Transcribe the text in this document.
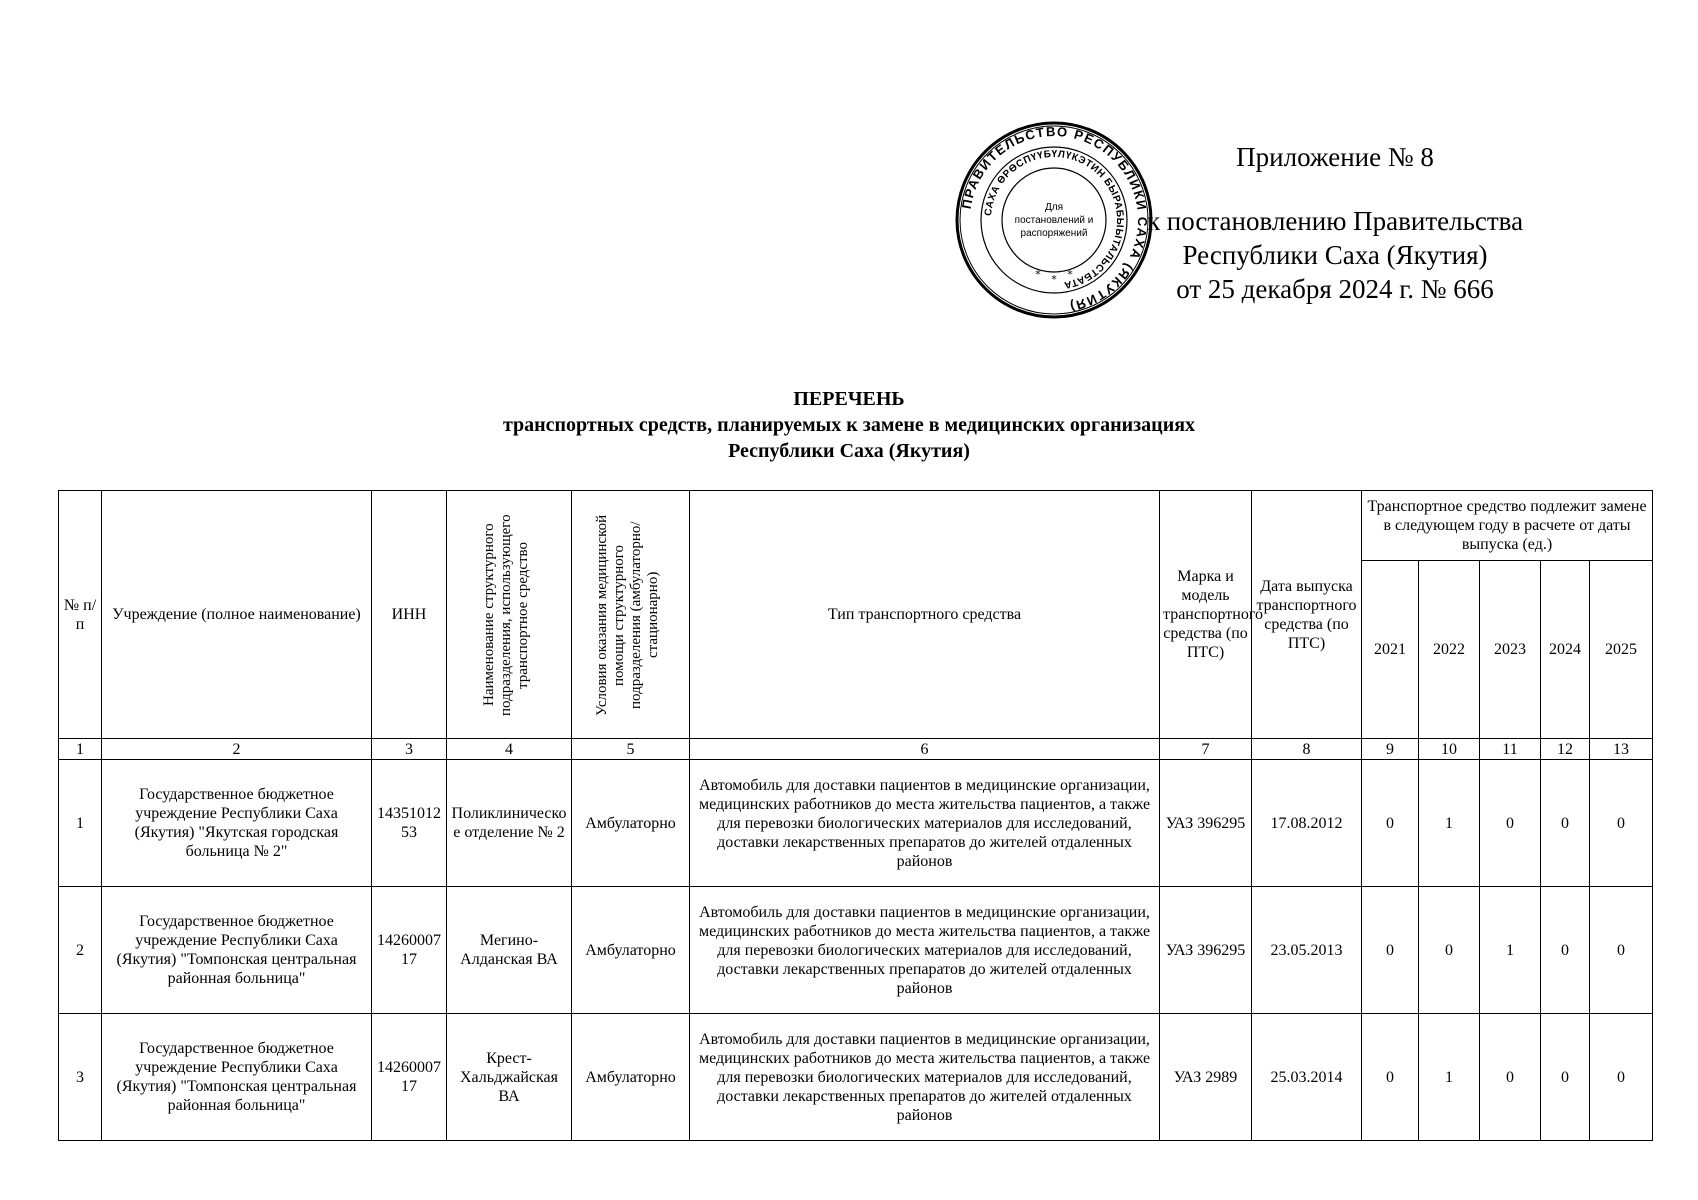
ПРАВИТЕЛЬСТВО РЕСПУБЛИКИ САХА (ЯКУТИЯ)
САХА ӨРӨСПҮҮБҮЛҮКЭТИН БЫРАБЫЫТАЛЬСТБАТА
Для
постановлений и
распоряжений
* * *
Приложение № 8
к постановлению Правительства
Республики Саха (Якутия)
от 25 декабря 2024 г. № 666
ПЕРЕЧЕНЬ
транспортных средств, планируемых к замене в медицинских организациях
Республики Саха (Якутия)
№ п/п	Учреждение (полное наименование)	ИНН	Наименование структурного подразделения, использующего транспортное средство	Условия оказания медицинской помощи структурного подразделения (амбулаторно/стационарно)	Тип транспортного средства	Марка и модель транспортного средства (по ПТС)	Дата выпуска транспортного средства (по ПТС)	Транспортное средство подлежит замене в следующем году в расчете от даты выпуска (ед.)				
								2021	2022	2023	2024	2025
1	2	3	4	5	6	7	8	9	10	11	12	13
1	Государственное бюджетное учреждение Республики Саха (Якутия) "Якутская городская больница № 2"	1435101253	Поликлиническое отделение № 2	Амбулаторно	Автомобиль для доставки пациентов в медицинские организации, медицинских работников до места жительства пациентов, а также для перевозки биологических материалов для исследований, доставки лекарственных препаратов до жителей отдаленных районов	УАЗ 396295	17.08.2012	0	1	0	0	0
2	Государственное бюджетное учреждение Республики Саха (Якутия) "Томпонская центральная районная больница"	1426000717	Мегино-Алданская ВА	Амбулаторно	Автомобиль для доставки пациентов в медицинские организации, медицинских работников до места жительства пациентов, а также для перевозки биологических материалов для исследований, доставки лекарственных препаратов до жителей отдаленных районов	УАЗ 396295	23.05.2013	0	0	1	0	0
3	Государственное бюджетное учреждение Республики Саха (Якутия) "Томпонская центральная районная больница"	1426000717	Крест-Хальджайская ВА	Амбулаторно	Автомобиль для доставки пациентов в медицинские организации, медицинских работников до места жительства пациентов, а также для перевозки биологических материалов для исследований, доставки лекарственных препаратов до жителей отдаленных районов	УАЗ 2989	25.03.2014	0	1	0	0	0
